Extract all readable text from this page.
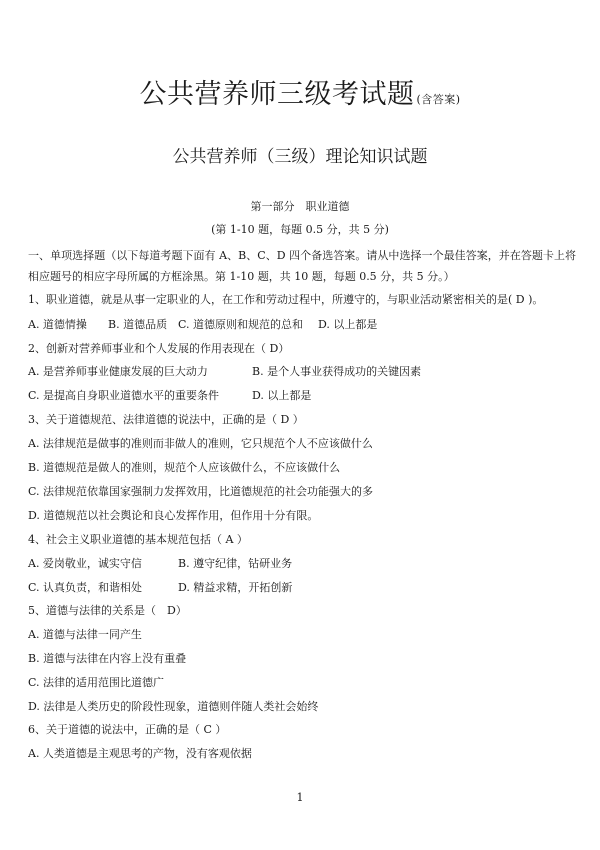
公共营养师三级考试题 (含答案)
公共营养师（三级）理论知识试题
第一部分　职业道德
(第 1-10 题，每题 0.5 分，共 5 分)
一、单项选择题（以下每道考题下面有 A、B、C、D 四个备选答案。请从中选择一个最佳答案，并在答题卡上将相应题号的相应字母所属的方框涂黑。第 1-10 题，共 10 题，每题 0.5 分，共 5 分。）
1、职业道德，就是从事一定职业的人，在工作和劳动过程中，所遵守的，与职业活动紧密相关的是( D )。
A. 道德情操 B. 道德品质 C. 道德原则和规范的总和 D. 以上都是
2、创新对营养师事业和个人发展的作用表现在（ D）
A. 是营养师事业健康发展的巨大动力	B. 是个人事业获得成功的关键因素
C. 是提高自身职业道德水平的重要条件	D. 以上都是
3、关于道德规范、法律道德的说法中，正确的是（ D ）
A. 法律规范是做事的准则而非做人的准则，它只规范个人不应该做什么
B. 道德规范是做人的准则，规范个人应该做什么，不应该做什么
C. 法律规范依靠国家强制力发挥效用，比道德规范的社会功能强大的多
D. 道德规范以社会舆论和良心发挥作用，但作用十分有限。
4、社会主义职业道德的基本规范包括（ A ）
A. 爱岗敬业，诚实守信	B. 遵守纪律，钻研业务
C. 认真负责，和谐相处	D. 精益求精，开拓创新
5、道德与法律的关系是（　D）
A. 道德与法律一同产生
B. 道德与法律在内容上没有重叠
C. 法律的适用范围比道德广
D. 法律是人类历史的阶段性现象，道德则伴随人类社会始终
6、关于道德的说法中，正确的是（ C ）
A. 人类道德是主观思考的产物，没有客观依据
1
